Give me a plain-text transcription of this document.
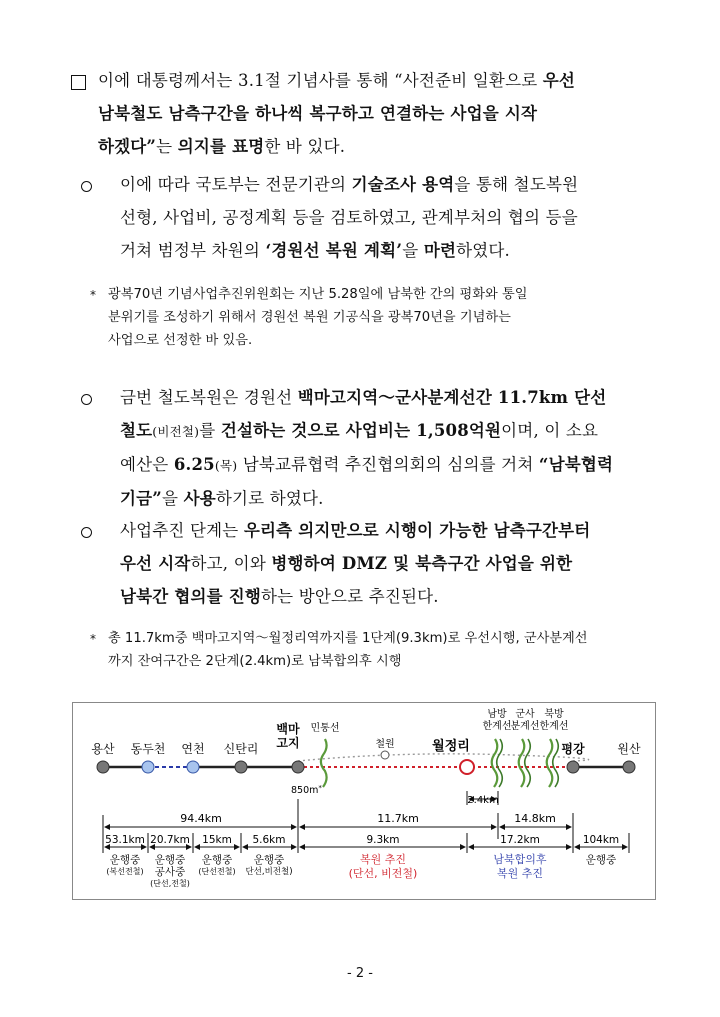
이에 대통령께서는 3.1절 기념사를 통해 “사전준비 일환으로 우선
남북철도 남측구간을 하나씩 복구하고 연결하는 사업을 시작
하겠다”는 의지를 표명한 바 있다.
이에 따라 국토부는 전문기관의 기술조사 용역을 통해 철도복원
선형, 사업비, 공정계획 등을 검토하였고, 관계부처의 협의 등을
거쳐 범정부 차원의 ‘경원선 복원 계획’을 마련하였다.
* 광복70년 기념사업추진위원회는 지난 5.28일에 남북한 간의 평화와 통일
분위기를 조성하기 위해서 경원선 복원 기공식을 광복70년을 기념하는
사업으로 선정한 바 있음.
금번 철도복원은 경원선 백마고지역～군사분계선간 11.7km 단선
철도(비전철)를 건설하는 것으로 사업비는 1,508억원이며, 이 소요
예산은 6.25(목) 남북교류협력 추진협의회의 심의를 거쳐 “남북협력
기금”을 사용하기로 하였다.
사업추진 단계는 우리측 의지만으로 시행이 가능한 남측구간부터
우선 시작하고, 이와 병행하여 DMZ 및 북측구간 사업을 위한
남북간 협의를 진행하는 방안으로 추진된다.
* 총 11.7km중 백마고지역～월정리역까지를 1단계(9.3km)로 우선시행, 군사분계선
까지 잔여구간은 2단계(2.4km)로 남북합의후 시행
용산 동두천 연천 신탄리
백마
고지
민통선
철원	월정리
남방
한계선
군사
분계선
북방
한계선
평강	원산
850m*
2.4km
94.4km	11.7km	14.8km
53.1km 20.7km 15km 5.6km	9.3km	17.2km	104km
운행중
(복선전철)
운행중
공사중
(단선,전철)
운행중
(단선전철)
운행중
단선,비전철)
복원 추진
(단선, 비전철)
남북합의후
복원 추진
운행중
- 2 -
